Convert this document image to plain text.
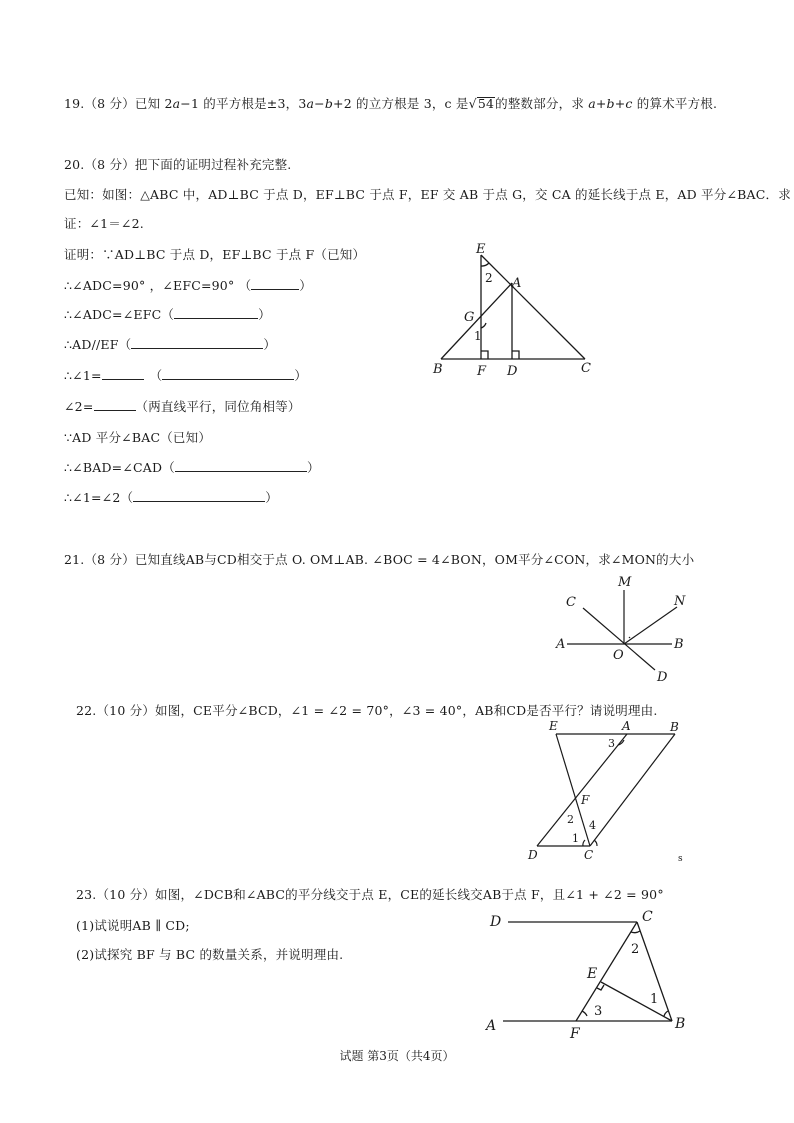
19.（8 分）已知 2a−1 的平方根是±3，3a−b+2 的立方根是 3，c 是√54的整数部分，求 a+b+c 的算术平方根.
20.（8 分）把下面的证明过程补充完整.
已知：如图：△ABC 中，AD⊥BC 于点 D，EF⊥BC 于点 F，EF 交 AB 于点 G，交 CA 的延长线于点 E，AD 平分∠BAC．求
证：∠1＝∠2.
证明：∵AD⊥BC 于点 D，EF⊥BC 于点 F（已知）
∴∠ADC=90° ，∠EFC=90° （	）
∴∠ADC=∠EFC（	）
∴AD//EF（	）
∴∠1=	（	）
∠2=	（两直线平行，同位角相等）
∵AD 平分∠BAC（已知）
∴∠BAD=∠CAD（	）
∴∠1=∠2（	）
E
A
G
B	F D	C
2
1
21.（8 分）已知直线AB与CD相交于点 O. OM⊥AB. ∠BOC = 4∠BON，OM平分∠CON，求∠MON的大小
M
C	N
A
O
B
D
22.（10 分）如图，CE平分∠BCD，∠1 = ∠2 = 70°，∠3 = 40°，AB和CD是否平行？请说明理由.
E	A	B
F
D	C
3
2 4
1
s
23.（10 分）如图，∠DCB和∠ABC的平分线交于点 E，CE的延长线交AB于点 F，且∠1 + ∠2 = 90°
(1)试说明AB ∥ CD;
(2)试探究 BF 与 BC 的数量关系，并说明理由.
D	C
E
A	F
B
2
1
3
试题 第3页（共4页）
